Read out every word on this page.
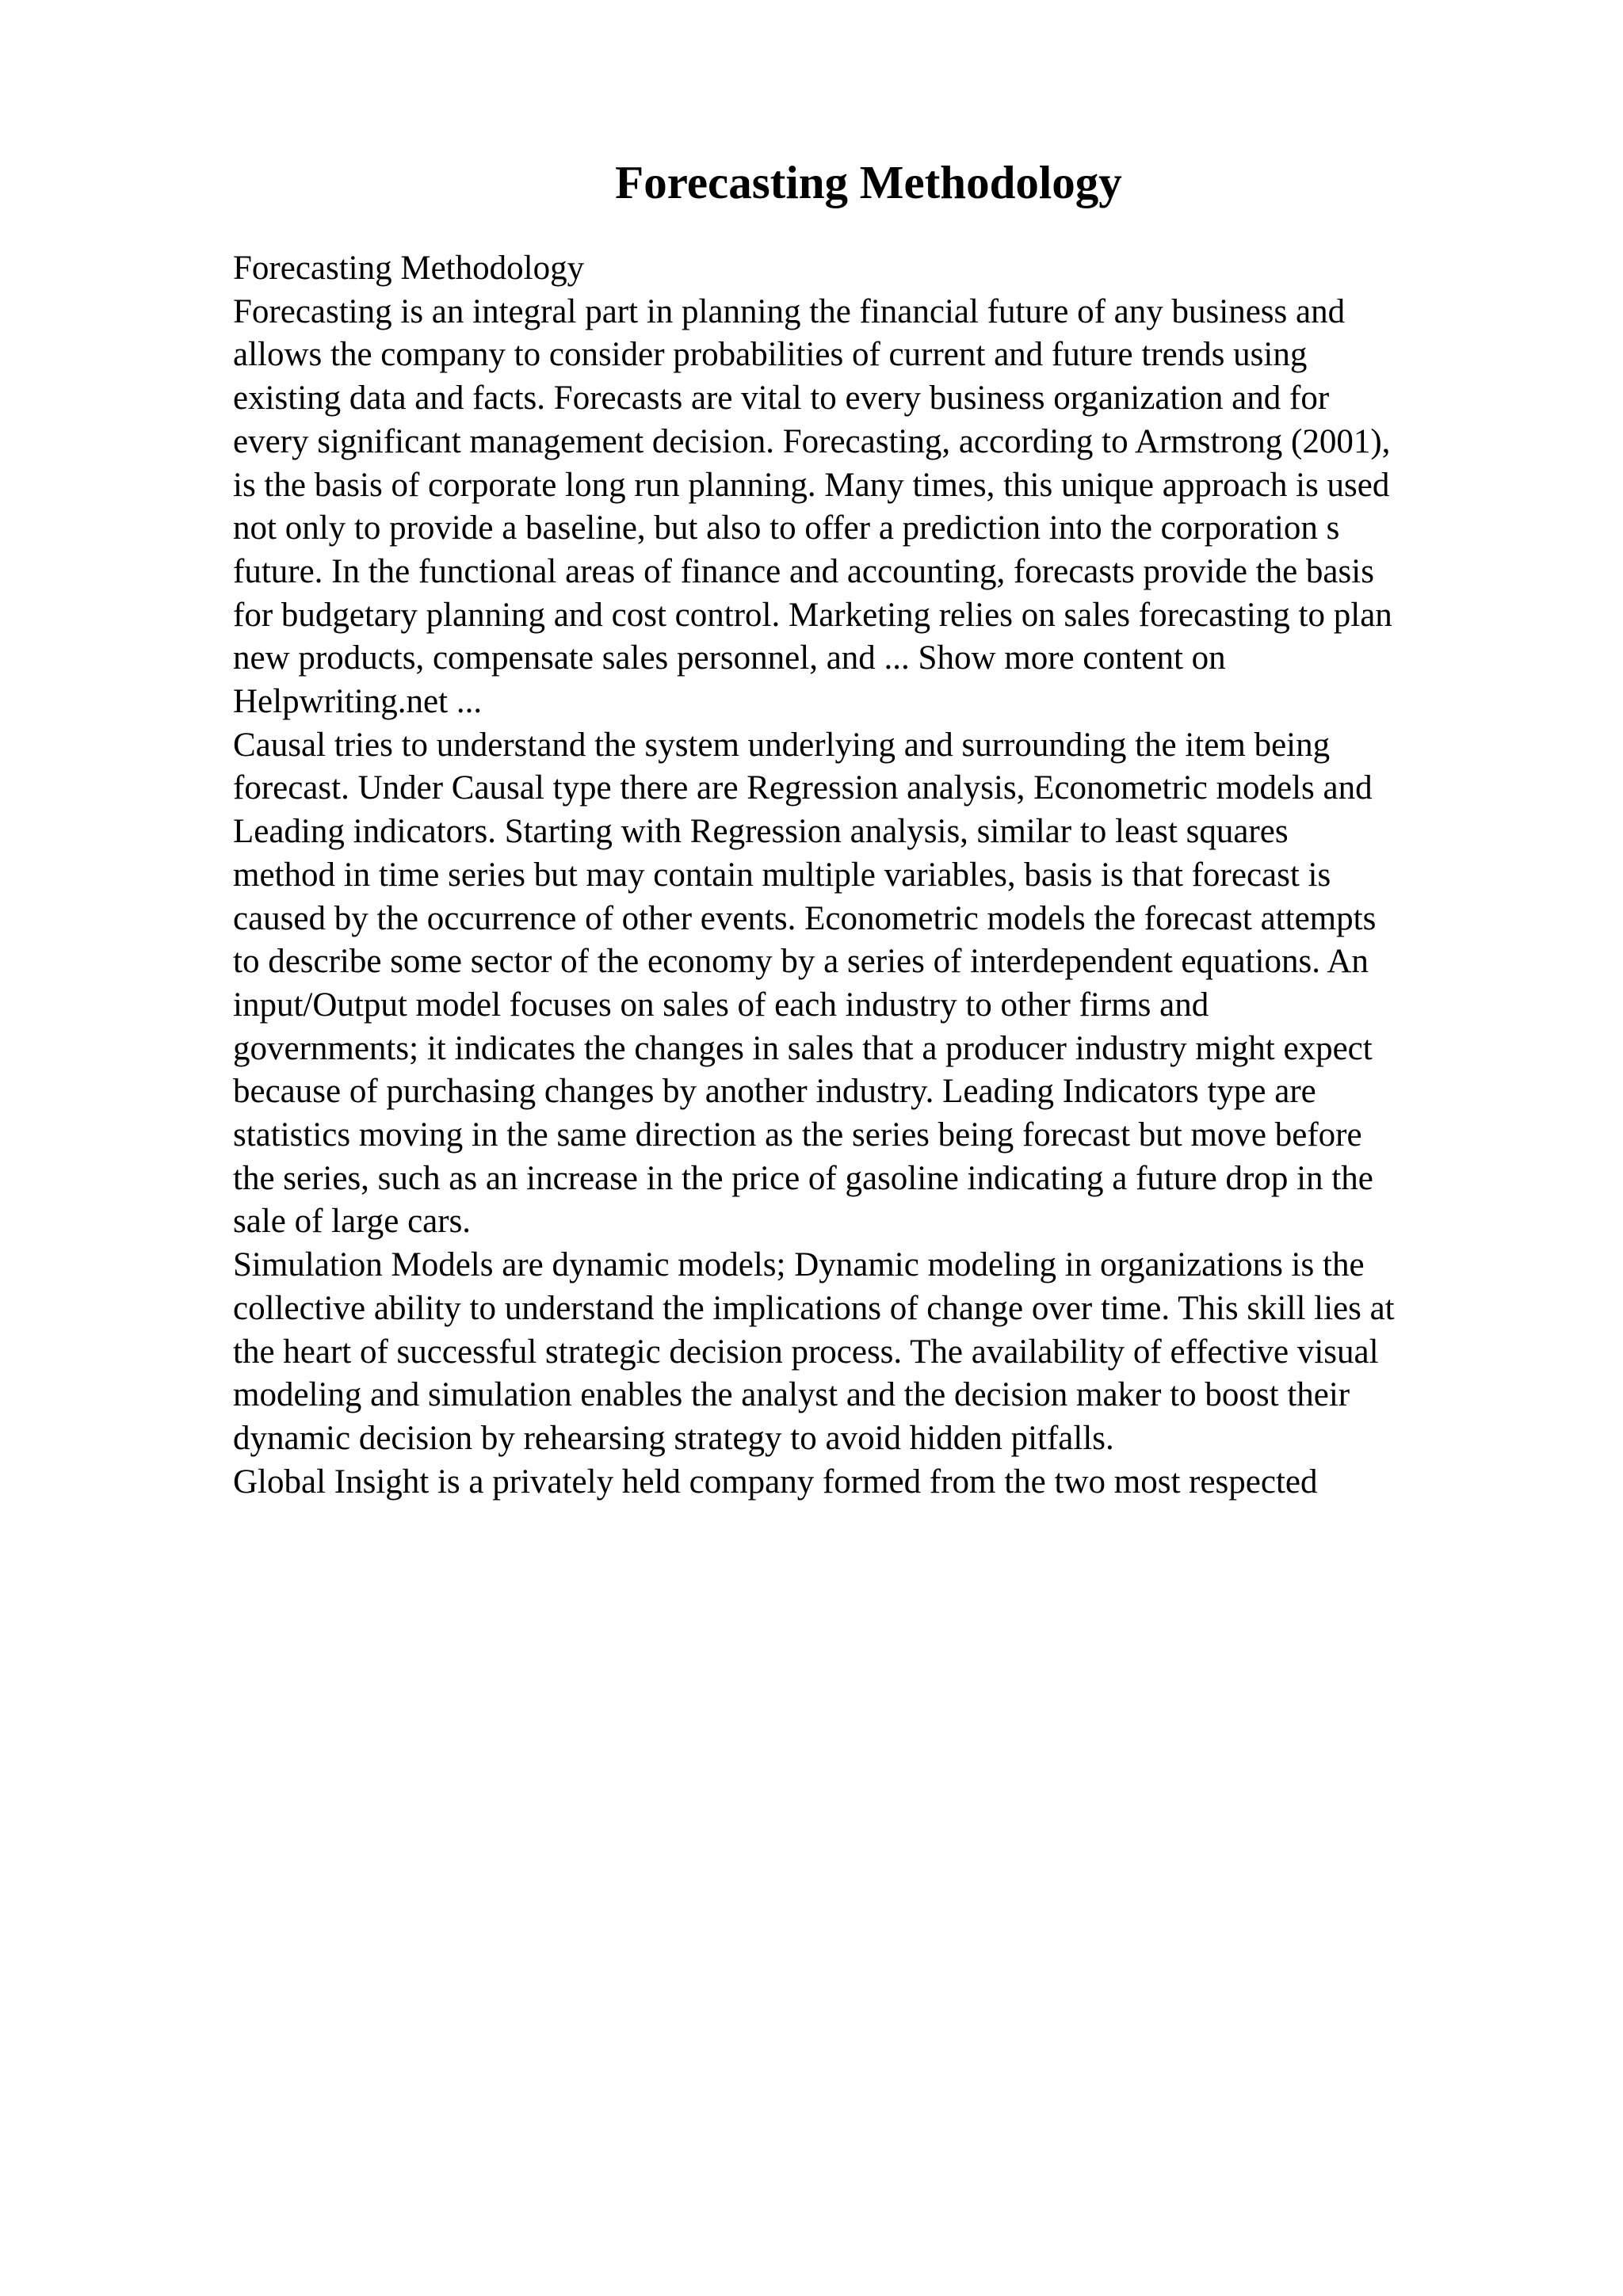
Forecasting Methodology

Forecasting Methodology

Forecasting is an integral part in planning the financial future of any business and

allows the company to consider probabilities of current and future trends using

existing data and facts. Forecasts are vital to every business organization and for

every significant management decision. Forecasting, according to Armstrong (2001),

is the basis of corporate long run planning. Many times, this unique approach is used

not only to provide a baseline, but also to offer a prediction into the corporation s

future. In the functional areas of finance and accounting, forecasts provide the basis

for budgetary planning and cost control. Marketing relies on sales forecasting to plan

new products, compensate sales personnel, and ... Show more content on

Helpwriting.net ...

Causal tries to understand the system underlying and surrounding the item being

forecast. Under Causal type there are Regression analysis, Econometric models and

Leading indicators. Starting with Regression analysis, similar to least squares

method in time series but may contain multiple variables, basis is that forecast is

caused by the occurrence of other events. Econometric models the forecast attempts

to describe some sector of the economy by a series of interdependent equations. An

input/Output model focuses on sales of each industry to other firms and

governments; it indicates the changes in sales that a producer industry might expect

because of purchasing changes by another industry. Leading Indicators type are

statistics moving in the same direction as the series being forecast but move before

the series, such as an increase in the price of gasoline indicating a future drop in the

sale of large cars.

Simulation Models are dynamic models; Dynamic modeling in organizations is the

collective ability to understand the implications of change over time. This skill lies at

the heart of successful strategic decision process. The availability of effective visual

modeling and simulation enables the analyst and the decision maker to boost their

dynamic decision by rehearsing strategy to avoid hidden pitfalls.

Global Insight is a privately held company formed from the two most respected
